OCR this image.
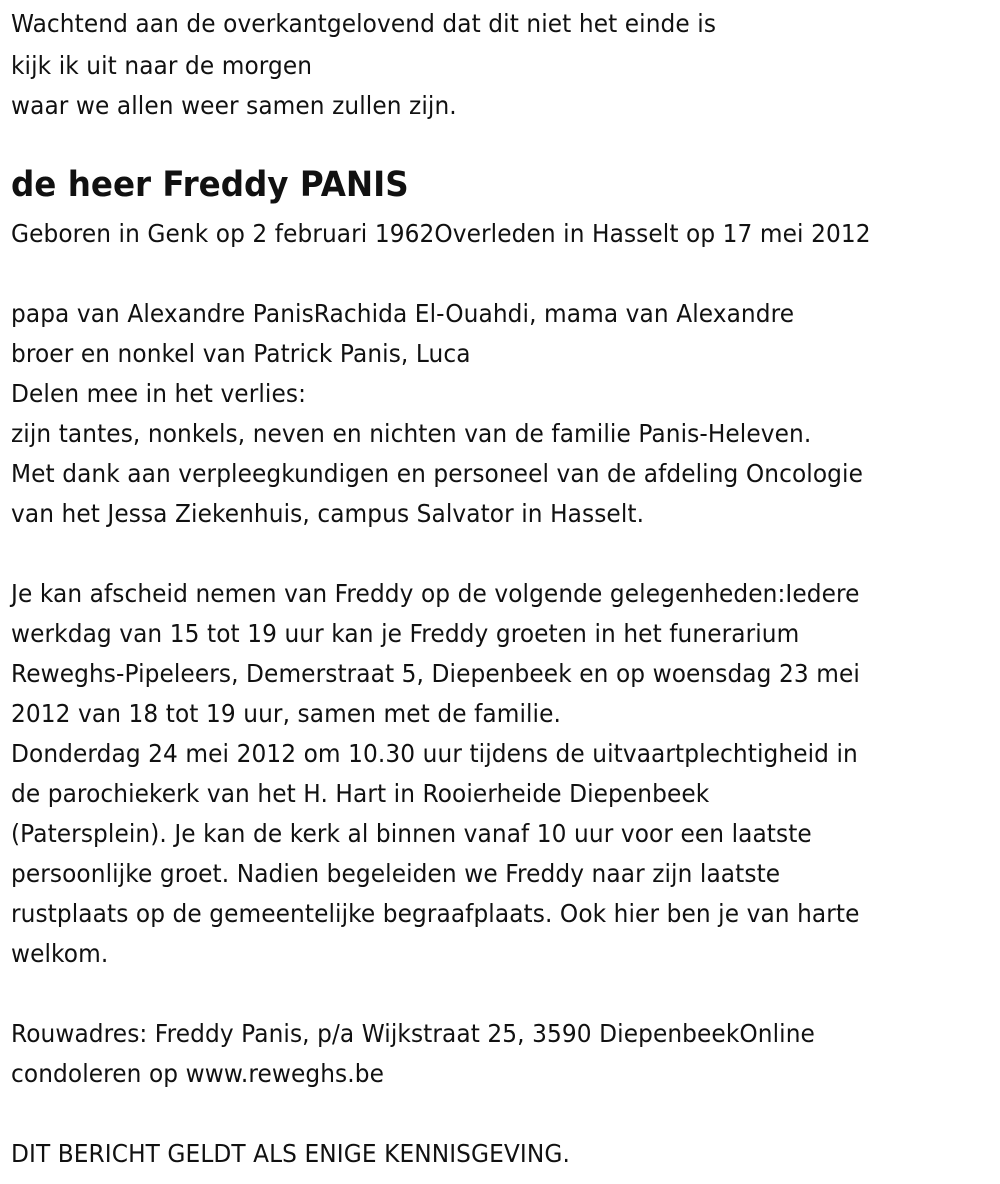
Wachtend aan de overkantgelovend dat dit niet het einde is
kijk ik uit naar de morgen
waar we allen weer samen zullen zijn.
de heer Freddy PANIS
Geboren in Genk op 2 februari 1962Overleden in Hasselt op 17 mei 2012
papa van Alexandre PanisRachida El-Ouahdi, mama van Alexandre
broer en nonkel van Patrick Panis, Luca
Delen mee in het verlies:
zijn tantes, nonkels, neven en nichten van de familie Panis-Heleven.
Met dank aan verpleegkundigen en personeel van de afdeling Oncologie
van het Jessa Ziekenhuis, campus Salvator in Hasselt.
Je kan afscheid nemen van Freddy op de volgende gelegenheden:Iedere
werkdag van 15 tot 19 uur kan je Freddy groeten in het funerarium
Reweghs-Pipeleers, Demerstraat 5, Diepenbeek en op woensdag 23 mei
2012 van 18 tot 19 uur, samen met de familie.
Donderdag 24 mei 2012 om 10.30 uur tijdens de uitvaartplechtigheid in
de parochiekerk van het H. Hart in Rooierheide Diepenbeek
(Patersplein). Je kan de kerk al binnen vanaf 10 uur voor een laatste
persoonlijke groet. Nadien begeleiden we Freddy naar zijn laatste
rustplaats op de gemeentelijke begraafplaats. Ook hier ben je van harte
welkom.
Rouwadres: Freddy Panis, p/a Wijkstraat 25, 3590 DiepenbeekOnline
condoleren op www.reweghs.be
DIT BERICHT GELDT ALS ENIGE KENNISGEVING.
